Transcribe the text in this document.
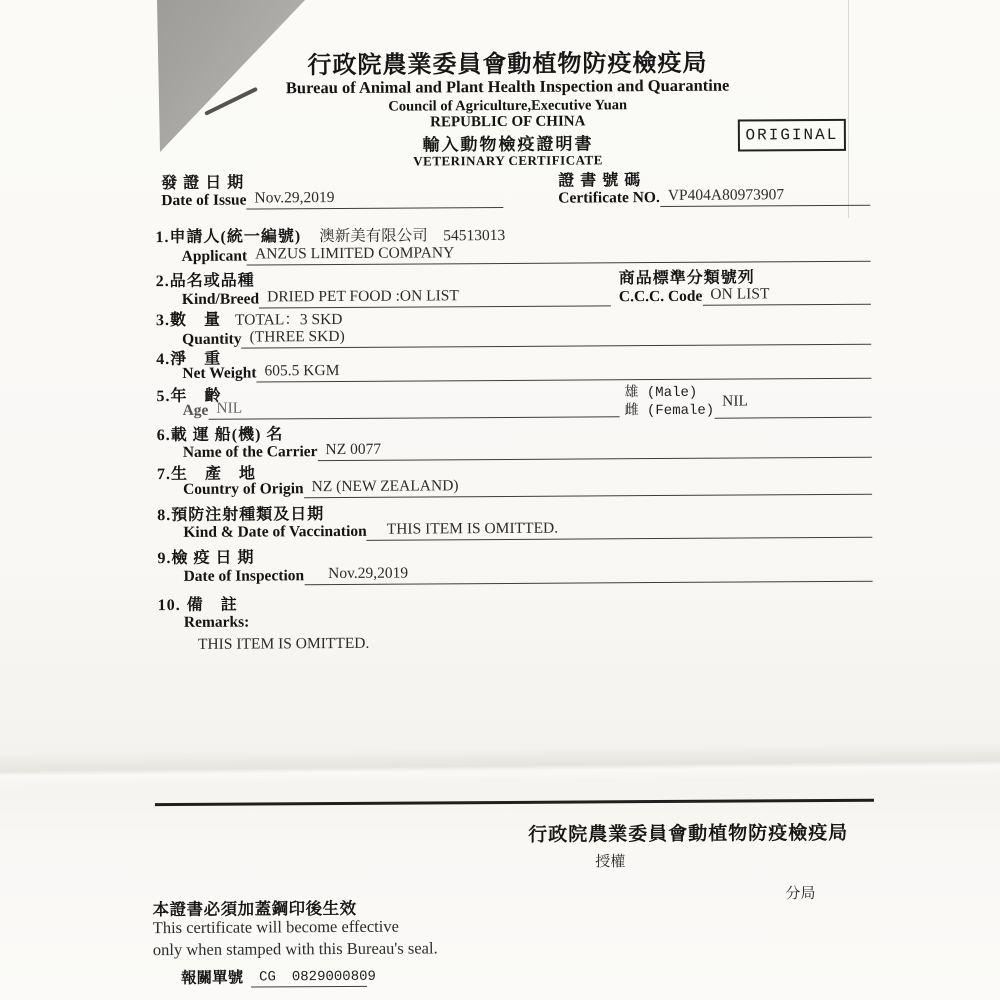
行政院農業委員會動植物防疫檢疫局
Bureau of Animal and Plant Health Inspection and Quarantine
Council of Agriculture,Executive Yuan
REPUBLIC OF CHINA
輸入動物檢疫證明書
VETERINARY CERTIFICATE
ORIGINAL
發 證 日 期
Date of Issue Nov.29,2019
證 書 號 碼
Certificate NO. VP404A80973907
1.申請人(統一編號) 澳新美有限公司　54513013
Applicant ANZUS LIMITED COMPANY
2.品名或品種	商品標準分類號列
Kind/Breed DRIED PET FOOD :ON LIST	C.C.C. Code ON LIST
3.數　量 TOTAL：3 SKD
Quantity (THREE SKD)
4.淨　重
Net Weight 605.5 KGM
5.年　齡
Age NIL
雄 (Male)
雌 (Female)
NIL
6.載 運 船(機) 名
Name of the Carrier NZ 0077
7.生　產　地
Country of Origin NZ (NEW ZEALAND)
8.預防注射種類及日期
Kind & Date of Vaccination	THIS ITEM IS OMITTED.
9.檢 疫 日 期
Date of Inspection	Nov.29,2019
10. 備　註
Remarks:
THIS ITEM IS OMITTED.
行政院農業委員會動植物防疫檢疫局
授權
分局
本證書必須加蓋鋼印後生效
This certificate will become effective
only when stamped with this Bureau's seal.
報關單號	CG 0829000809
